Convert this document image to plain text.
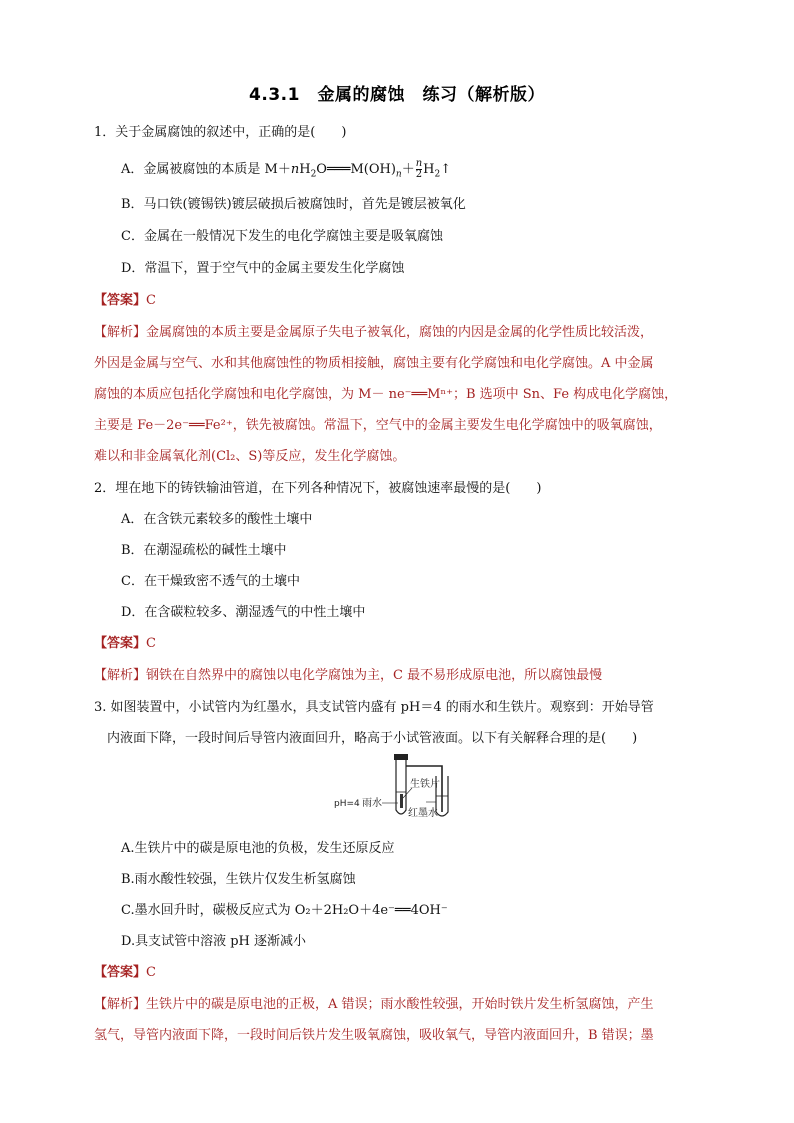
4.3.1　金属的腐蚀　练习（解析版）
1．关于金属腐蚀的叙述中，正确的是(　　)
A．金属被腐蚀的本质是 $M+nH_2O═══M(OH)_n+ \frac{n}{2}$ $H_2↑$
B．马口铁(镀锡铁)镀层破损后被腐蚀时，首先是镀层被氧化
C．金属在一般情况下发生的电化学腐蚀主要是吸氧腐蚀
D．常温下，置于空气中的金属主要发生化学腐蚀
【答案】C
【解析】金属腐蚀的本质主要是金属原子失电子被氧化，腐蚀的内因是金属的化学性质比较活泼，
外因是金属与空气、水和其他腐蚀性的物质相接触，腐蚀主要有化学腐蚀和电化学腐蚀。A 中金属
腐蚀的本质应包括化学腐蚀和电化学腐蚀，为 M－ ne⁻══Mⁿ⁺；B 选项中 Sn、Fe 构成电化学腐蚀，
主要是 Fe－2e⁻══Fe²⁺，铁先被腐蚀。常温下，空气中的金属主要发生电化学腐蚀中的吸氧腐蚀，
难以和非金属氧化剂(Cl₂、S)等反应，发生化学腐蚀。
2．埋在地下的铸铁输油管道，在下列各种情况下，被腐蚀速率最慢的是(　　)
A．在含铁元素较多的酸性土壤中
B．在潮湿疏松的碱性土壤中
C．在干燥致密不透气的土壤中
D．在含碳粒较多、潮湿透气的中性土壤中
【答案】C
【解析】钢铁在自然界中的腐蚀以电化学腐蚀为主，C 最不易形成原电池，所以腐蚀最慢
3. 如图装置中，小试管内为红墨水，具支试管内盛有 pH＝4 的雨水和生铁片。观察到：开始导管
内液面下降，一段时间后导管内液面回升，略高于小试管液面。以下有关解释合理的是(　　)
生铁片
pH=4 雨水
红墨水
A.生铁片中的碳是原电池的负极，发生还原反应
B.雨水酸性较强，生铁片仅发生析氢腐蚀
C.墨水回升时，碳极反应式为 O₂＋2H₂O＋4e⁻══4OH⁻
D.具支试管中溶液 pH 逐渐减小
【答案】C
【解析】生铁片中的碳是原电池的正极，A 错误；雨水酸性较强，开始时铁片发生析氢腐蚀，产生
氢气，导管内液面下降，一段时间后铁片发生吸氧腐蚀，吸收氧气，导管内液面回升，B 错误；墨
